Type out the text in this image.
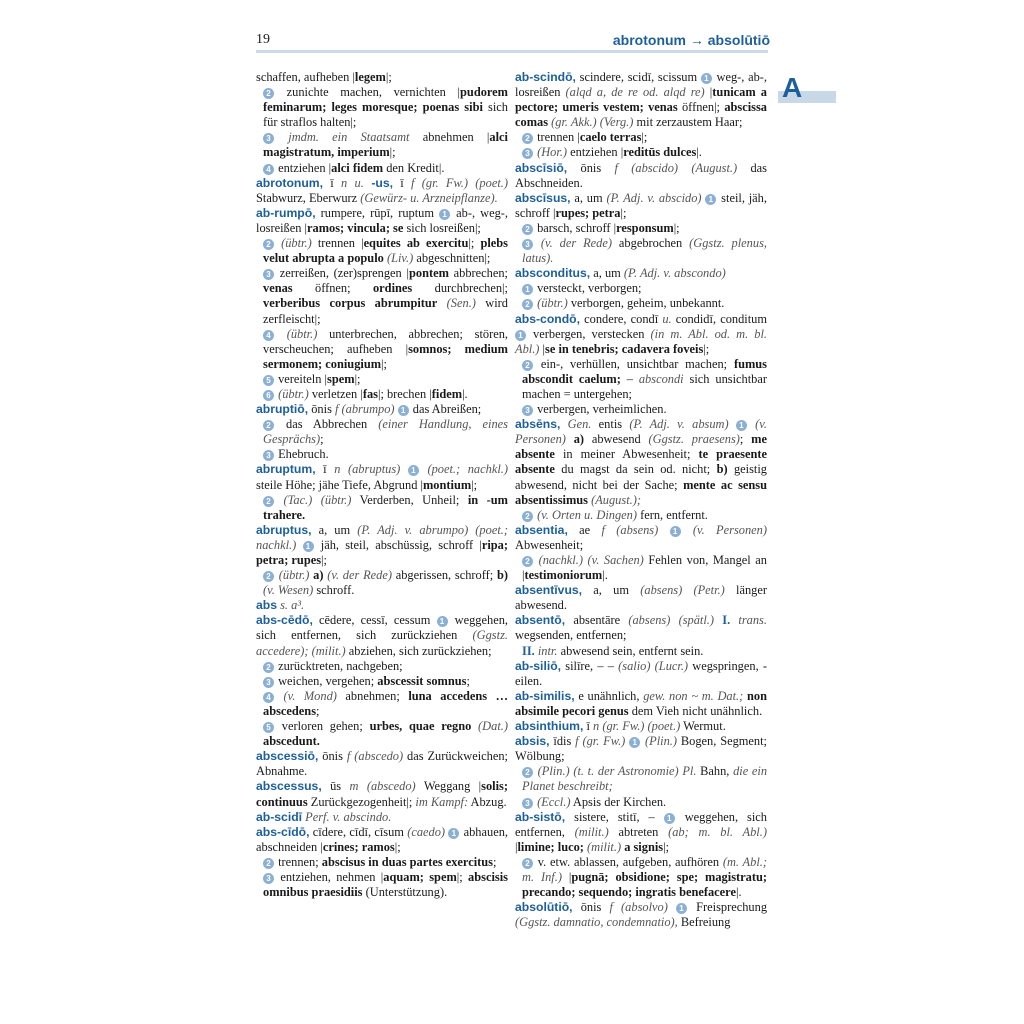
19	abrotonum → absolūtiō
A

schaffen, aufheben |legem|;

2 zunichte machen, vernichten |pudorem feminarum; leges moresque; poenas sibi sich für straflos halten|;

3 jmdm. ein Staatsamt abnehmen |alci magistratum, imperium|;

4 entziehen |alci fidem den Kredit|.

abrotonum, ī n u. -us, ī f (gr. Fw.) (poet.) Stabwurz, Eberwurz (Gewürz- u. Arzneipflanze).

ab-rumpō, rumpere, rūpī, ruptum 1 ab-, weg-, losreißen |ramos; vincula; se sich losreißen|;

2 (übtr.) trennen |equites ab exercitu|; plebs velut abrupta a populo (Liv.) abgeschnitten|;

3 zerreißen, (zer)sprengen |pontem abbrechen; venas öffnen; ordines durchbrechen|; verberibus corpus abrumpitur (Sen.) wird zerfleischt|;

4 (übtr.) unterbrechen, abbrechen; stören, verscheuchen; aufheben |somnos; medium sermonem; coniugium|;

5 vereiteln |spem|;

6 (übtr.) verletzen |fas|; brechen |fidem|.

abruptiō, ōnis f (abrumpo) 1 das Abreißen;

2 das Abbrechen (einer Handlung, eines Gesprächs);

3 Ehebruch.

abruptum, ī n (abruptus) 1 (poet.; nachkl.) steile Höhe; jähe Tiefe, Abgrund |montium|;

2 (Tac.) (übtr.) Verderben, Unheil; in -um trahere.

abruptus, a, um (P. Adj. v. abrumpo) (poet.; nachkl.) 1 jäh, steil, abschüssig, schroff |ripa; petra; rupes|;

2 (übtr.) a) (v. der Rede) abgerissen, schroff; b) (v. Wesen) schroff.

abs s. a³.

abs-cēdō, cēdere, cessī, cessum 1 weggehen, sich entfernen, sich zurückziehen (Ggstz. accedere); (milit.) abziehen, sich zurückziehen;

2 zurücktreten, nachgeben;

3 weichen, vergehen; abscessit somnus;

4 (v. Mond) abnehmen; luna accedens … abscedens;

5 verloren gehen; urbes, quae regno (Dat.) abscedunt.

abscessiō, ōnis f (abscedo) das Zurückweichen; Abnahme.

abscessus, ūs m (abscedo) Weggang |solis; continuus Zurückgezogenheit|; im Kampf: Abzug.

ab-scidī Perf. v. abscindo.

abs-cīdō, cīdere, cīdī, cīsum (caedo) 1 abhauen, abschneiden |crines; ramos|;

2 trennen; abscisus in duas partes exercitus;

3 entziehen, nehmen |aquam; spem|; abscisis omnibus praesidiis (Unterstützung).

ab-scindō, scindere, scidī, scissum 1 weg-, ab-, losreißen (alqd a, de re od. alqd re) |tunicam a pectore; umeris vestem; venas öffnen|; abscissa comas (gr. Akk.) (Verg.) mit zerzaustem Haar;

2 trennen |caelo terras|;

3 (Hor.) entziehen |reditūs dulces|.

abscīsiō, ōnis f (abscido) (August.) das Abschneiden.

abscīsus, a, um (P. Adj. v. abscido) 1 steil, jäh, schroff |rupes; petra|;

2 barsch, schroff |responsum|;

3 (v. der Rede) abgebrochen (Ggstz. plenus, latus).

absconditus, a, um (P. Adj. v. abscondo)

1 versteckt, verborgen;

2 (übtr.) verborgen, geheim, unbekannt.

abs-condō, condere, condī u. condidī, conditum 1 verbergen, verstecken (in m. Abl. od. m. bl. Abl.) |se in tenebris; cadavera foveis|;

2 ein-, verhüllen, unsichtbar machen; fumus abscondit caelum; – abscondi sich unsichtbar machen = untergehen;

3 verbergen, verheimlichen.

absēns, Gen. entis (P. Adj. v. absum) 1 (v. Personen) a) abwesend (Ggstz. praesens); me absente in meiner Abwesenheit; te praesente absente du magst da sein od. nicht; b) geistig abwesend, nicht bei der Sache; mente ac sensu absentissimus (August.);

2 (v. Orten u. Dingen) fern, entfernt.

absentia, ae f (absens) 1 (v. Personen) Abwesenheit;

2 (nachkl.) (v. Sachen) Fehlen von, Mangel an |testimoniorum|.

absentīvus, a, um (absens) (Petr.) länger abwesend.

absentō, absentāre (absens) (spätl.) I. trans. wegsenden, entfernen;

II. intr. abwesend sein, entfernt sein.

ab-siliō, silīre, – – (salio) (Lucr.) wegspringen, -eilen.

ab-similis, e unähnlich, gew. non ~ m. Dat.; non absimile pecori genus dem Vieh nicht unähnlich.

absinthium, ī n (gr. Fw.) (poet.) Wermut.

absis, īdis f (gr. Fw.) 1 (Plin.) Bogen, Segment; Wölbung;

2 (Plin.) (t. t. der Astronomie) Pl. Bahn, die ein Planet beschreibt;

3 (Eccl.) Apsis der Kirchen.

ab-sistō, sistere, stitī, – 1 weggehen, sich entfernen, (milit.) abtreten (ab; m. bl. Abl.) |limine; luco; (milit.) a signis|;

2 v. etw. ablassen, aufgeben, aufhören (m. Abl.; m. Inf.) |pugnā; obsidione; spe; magistratu; precando; sequendo; ingratis benefacere|.

absolūtiō, ōnis f (absolvo) 1 Freisprechung (Ggstz. damnatio, condemnatio), Befreiung
